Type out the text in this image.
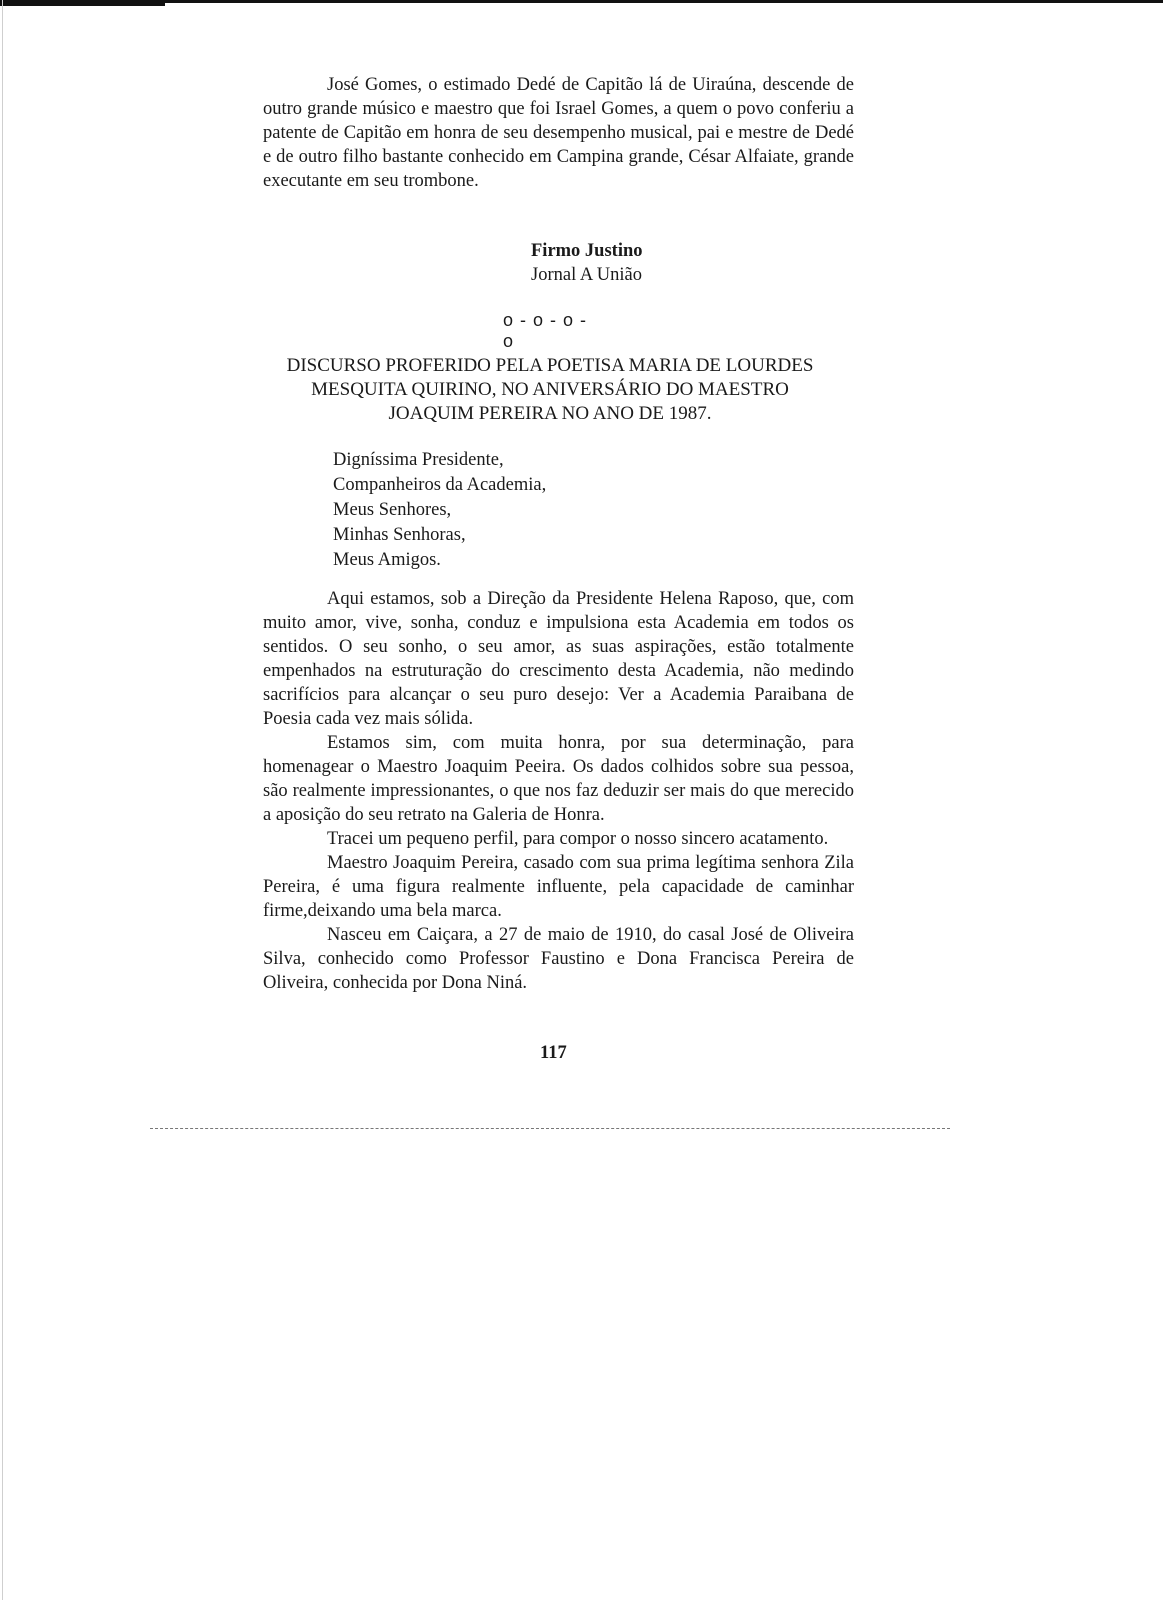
José Gomes, o estimado Dedé de Capitão lá de Uiraúna, descende de outro grande músico e maestro que foi Israel Gomes, a quem o povo conferiu a patente de Capitão em honra de seu desempenho musical, pai e mestre de Dedé e de outro filho bastante conhecido em Campina grande, César Alfaiate, grande executante em seu trombone.

Firmo Justino
Jornal A União
o - o - o - o
DISCURSO PROFERIDO PELA POETISA MARIA DE LOURDES
MESQUITA QUIRINO, NO ANIVERSÁRIO DO MAESTRO
JOAQUIM PEREIRA NO ANO DE 1987.
Digníssima Presidente,
Companheiros da Academia,
Meus Senhores,
Minhas Senhoras,
Meus Amigos.

Aqui estamos, sob a Direção da Presidente Helena Raposo, que, com muito amor, vive, sonha, conduz e impulsiona esta Academia em todos os sentidos. O seu sonho, o seu amor, as suas aspirações, estão totalmente empenhados na estruturação do crescimento desta Academia, não medindo sacrifícios para alcançar o seu puro desejo: Ver a Academia Paraibana de Poesia cada vez mais sólida.

Estamos sim, com muita honra, por sua determinação, para homenagear o Maestro Joaquim Peeira. Os dados colhidos sobre sua pessoa, são realmente impressionantes, o que nos faz deduzir ser mais do que merecido a aposição do seu retrato na Galeria de Honra.

Tracei um pequeno perfil, para compor o nosso sincero acatamento.

Maestro Joaquim Pereira, casado com sua prima legítima senhora Zila Pereira, é uma figura realmente influente, pela capacidade de caminhar firme,deixando uma bela marca.

Nasceu em Caiçara, a 27 de maio de 1910, do casal José de Oliveira Silva, conhecido como Professor Faustino e Dona Francisca Pereira de Oliveira, conhecida por Dona Niná.

117
